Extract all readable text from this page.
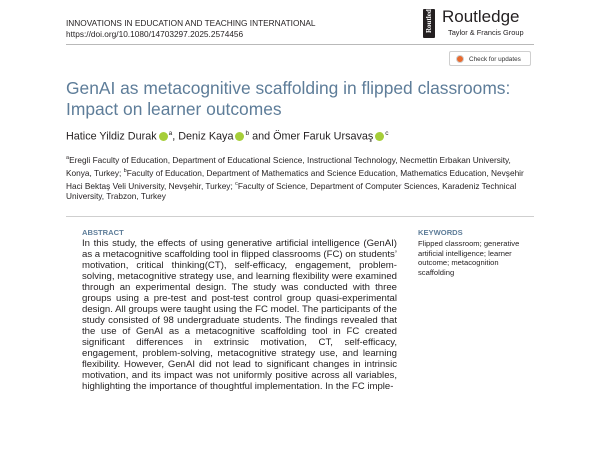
INNOVATIONS IN EDUCATION AND TEACHING INTERNATIONAL
https://doi.org/10.1080/14703297.2025.2574456
Routledge Routledge
Taylor & Francis Group
Check for updates
GenAI as metacognitive scaffolding in flipped classrooms: Impact on learner outcomes
Hatice Yildiz Durak $^a$, Deniz Kaya $^b$ and Ömer Faruk Ursavaş $^c$

$^a$Eregli Faculty of Education, Department of Educational Science, Instructional Technology, Necmettin Erbakan University, Konya, Turkey; $^b$Faculty of Education, Department of Mathematics and Science Education, Mathematics Education, Nevşehir Haci Bektaş Veli University, Nevşehir, Turkey; $^c$Faculty of Science, Department of Computer Sciences, Karadeniz Technical University, Trabzon, Turkey

ABSTRACT

In this study, the effects of using generative artificial intelligence (GenAI) as a metacognitive scaffolding tool in flipped classrooms (FC) on students’ motivation, critical thinking(CT), self-efficacy, engagement, problem-solving, metacognitive strategy use, and learning flexibility were examined through an experimental design. The study was conducted with three groups using a pre-test and post-test control group quasi-experimental design. All groups were taught using the FC model. The participants of the study consisted of 98 undergraduate students. The findings revealed that the use of GenAI as a metacognitive scaffolding tool in FC created significant differences in extrinsic motivation, CT, self-efficacy, engagement, problem-solving, metacognitive strategy use, and learning flexibility. However, GenAI did not lead to significant changes in intrinsic motivation, and its impact was not uniformly positive across all variables, highlighting the importance of thoughtful implementation. In the FC imple-

KEYWORDS
Flipped classroom; generative artificial intelligence; learner outcome; metacognition scaffolding
